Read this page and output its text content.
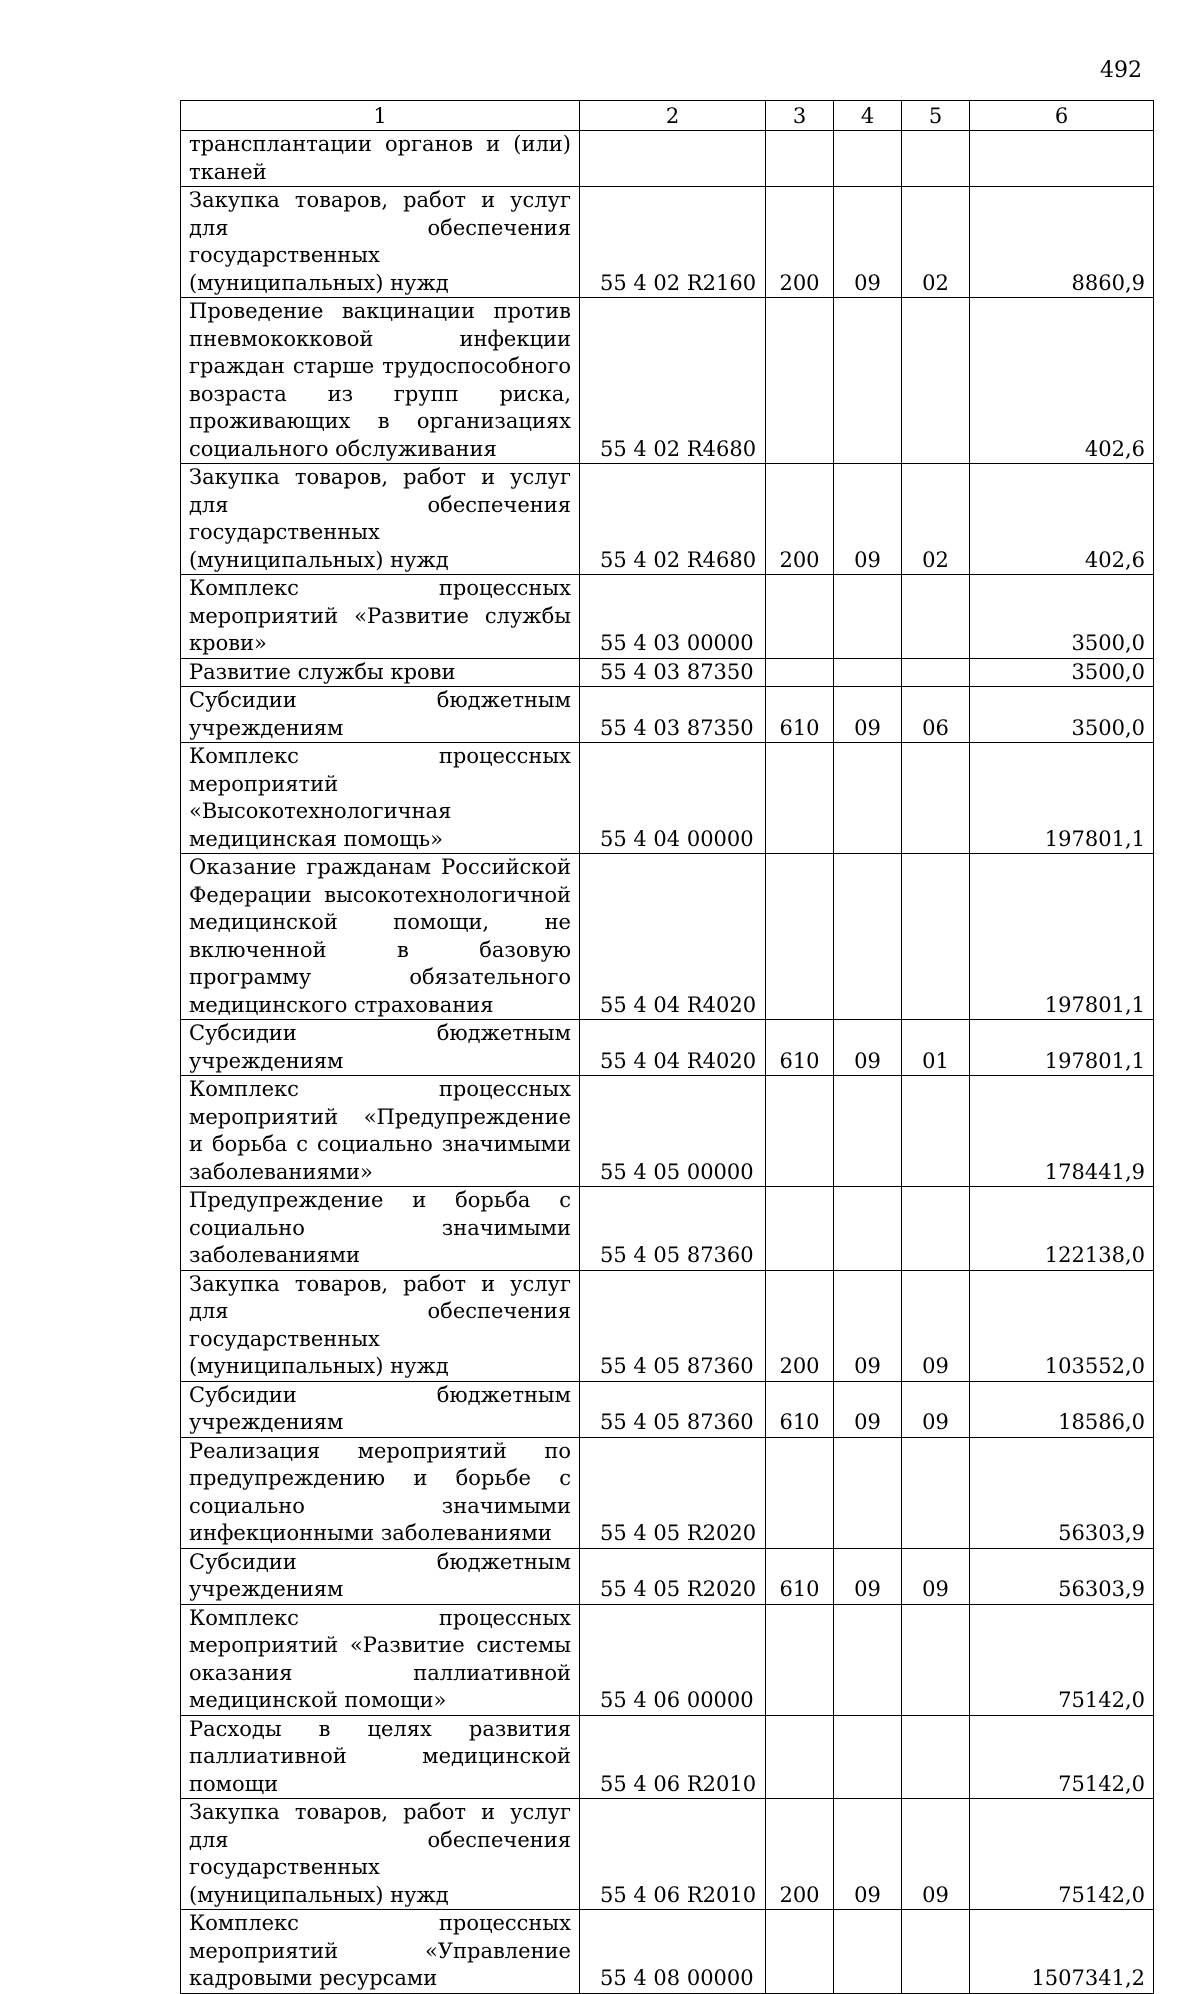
492
1	2	3	4	5	6
трансплантации органов и (или) тканей					
Закупка товаров, работ и услуг для обеспечения государственных (муниципальных) нужд	55 4 02 R2160	200	09	02	8860,9
Проведение вакцинации против пневмококковой инфекции граждан старше трудоспособного возраста из групп риска, проживающих в организациях социального обслуживания	55 4 02 R4680				402,6
Закупка товаров, работ и услуг для обеспечения государственных (муниципальных) нужд	55 4 02 R4680	200	09	02	402,6
Комплекс процессных мероприятий «Развитие службы крови»	55 4 03 00000				3500,0
Развитие службы крови	55 4 03 87350				3500,0
Субсидии бюджетным учреждениям	55 4 03 87350	610	09	06	3500,0
Комплекс процессных мероприятий «Высокотехнологичная медицинская помощь»	55 4 04 00000				197801,1
Оказание гражданам Российской Федерации высокотехнологичной медицинской помощи, не включенной в базовую программу обязательного медицинского страхования	55 4 04 R4020				197801,1
Субсидии бюджетным учреждениям	55 4 04 R4020	610	09	01	197801,1
Комплекс процессных мероприятий «Предупреждение и борьба с социально значимыми заболеваниями»	55 4 05 00000				178441,9
Предупреждение и борьба с социально значимыми заболеваниями	55 4 05 87360				122138,0
Закупка товаров, работ и услуг для обеспечения государственных (муниципальных) нужд	55 4 05 87360	200	09	09	103552,0
Субсидии бюджетным учреждениям	55 4 05 87360	610	09	09	18586,0
Реализация мероприятий по предупреждению и борьбе с социально значимыми инфекционными заболеваниями	55 4 05 R2020				56303,9
Субсидии бюджетным учреждениям	55 4 05 R2020	610	09	09	56303,9
Комплекс процессных мероприятий «Развитие системы оказания паллиативной медицинской помощи»	55 4 06 00000				75142,0
Расходы в целях развития паллиативной медицинской помощи	55 4 06 R2010				75142,0
Закупка товаров, работ и услуг для обеспечения государственных (муниципальных) нужд	55 4 06 R2010	200	09	09	75142,0
Комплекс процессных мероприятий «Управление кадровыми ресурсами	55 4 08 00000				1507341,2
